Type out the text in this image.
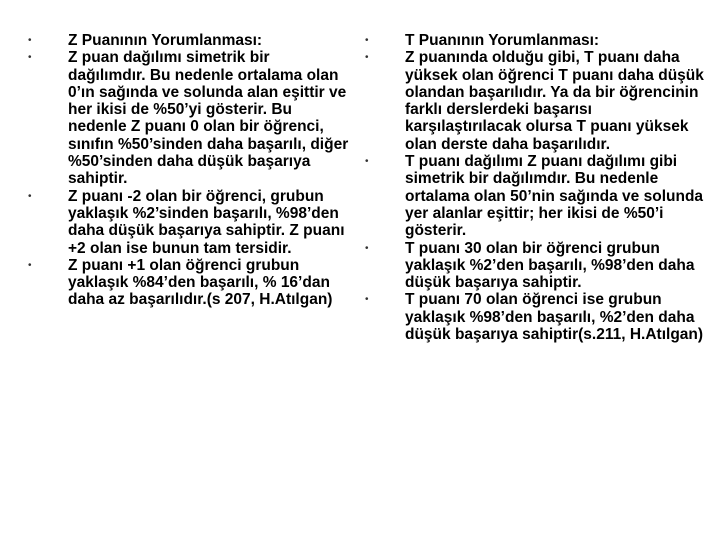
•	Z Puanının Yorumlanması:
•	Z puan dağılımı simetrik bir dağılımdır. Bu nedenle ortalama olan 0’ın sağında ve solunda alan eşittir ve her ikisi de %50’yi gösterir. Bu nedenle Z puanı 0 olan bir öğrenci, sınıfın %50’sinden daha başarılı, diğer %50’sinden daha düşük başarıya sahiptir.
•	Z puanı -2 olan bir öğrenci, grubun yaklaşık %2’sinden başarılı, %98’den daha düşük başarıya sahiptir. Z puanı +2 olan ise bunun tam tersidir.
•	Z puanı +1 olan öğrenci grubun yaklaşık %84’den başarılı, % 16’dan daha az başarılıdır.(s 207, H.Atılgan)
•	T Puanının Yorumlanması:
•	Z puanında olduğu gibi, T puanı daha yüksek olan öğrenci T puanı daha düşük olandan başarılıdır. Ya da bir öğrencinin farklı derslerdeki başarısı karşılaştırılacak olursa T puanı yüksek olan derste daha başarılıdır.
•	T puanı dağılımı Z puanı dağılımı gibi simetrik bir dağılımdır. Bu nedenle ortalama olan 50’nin sağında ve solunda yer alanlar eşittir; her ikisi de %50’i gösterir.
•	T puanı 30 olan bir öğrenci grubun yaklaşık %2’den başarılı, %98’den daha düşük başarıya sahiptir.
•	T puanı 70 olan öğrenci ise grubun yaklaşık %98’den başarılı, %2’den daha düşük başarıya sahiptir(s.211, H.Atılgan)
